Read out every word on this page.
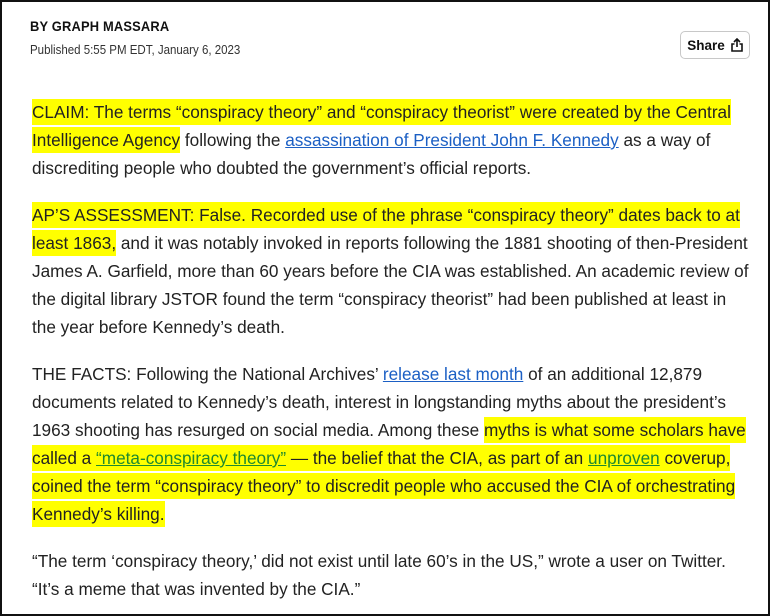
BY GRAPH MASSARA
Published 5:55 PM EDT, January 6, 2023	Share

CLAIM: The terms “conspiracy theory” and “conspiracy theorist” were created by the Central Intelligence Agency following the assassination of President John F. Kennedy as a way of discrediting people who doubted the government’s official reports.

AP’S ASSESSMENT: False. Recorded use of the phrase “conspiracy theory” dates back to at least 1863, and it was notably invoked in reports following the 1881 shooting of then-President James A. Garfield, more than 60 years before the CIA was established. An academic review of the digital library JSTOR found the term “conspiracy theorist” had been published at least in the year before Kennedy’s death.

THE FACTS: Following the National Archives’ release last month of an additional 12,879 documents related to Kennedy’s death, interest in longstanding myths about the president’s 1963 shooting has resurged on social media. Among these myths is what some scholars have called a “meta-conspiracy theory” — the belief that the CIA, as part of an unproven coverup, coined the term “conspiracy theory” to discredit people who accused the CIA of orchestrating Kennedy’s killing.

“The term ‘conspiracy theory,’ did not exist until late 60’s in the US,” wrote a user on Twitter. “It’s a meme that was invented by the CIA.”
